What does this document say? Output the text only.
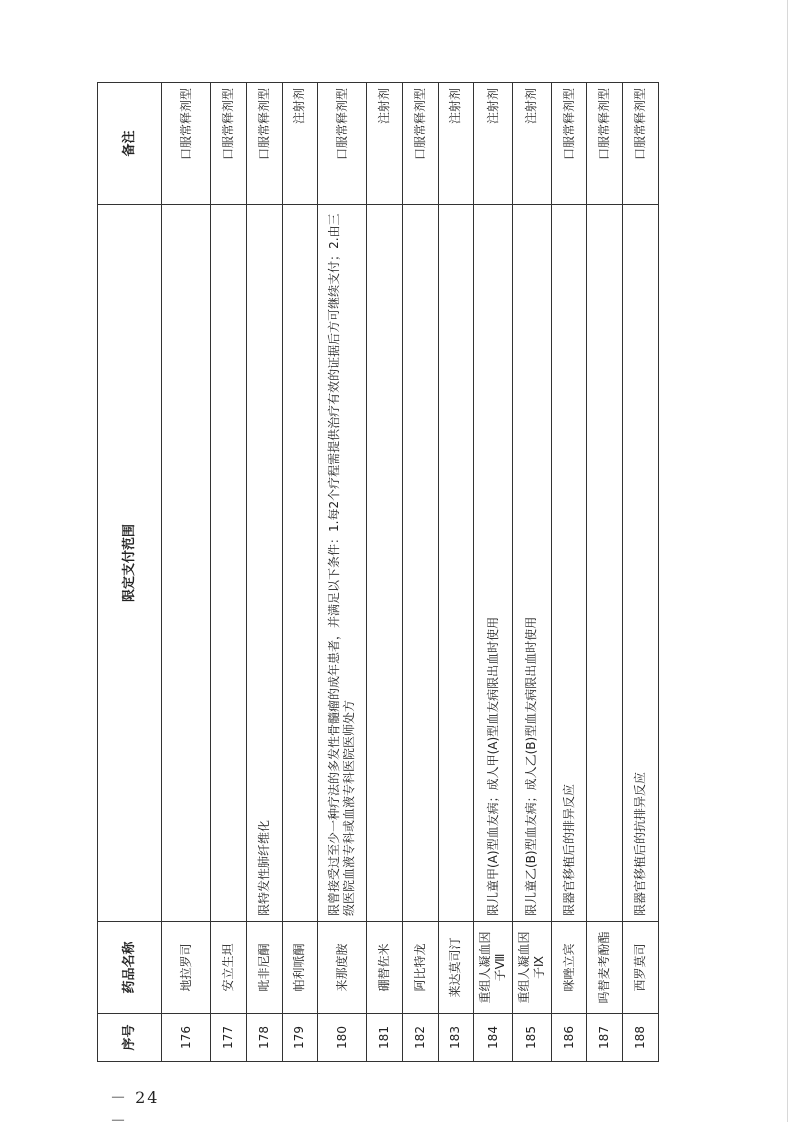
序号	药品名称	限定支付范围	备注
176	地拉罗司		口服常释剂型
177	安立生坦		口服常释剂型
178	吡非尼酮	限特发性肺纤维化	口服常释剂型
179	帕利哌酮		注射剂
180	来那度胺	限曾接受过至少一种疗法的多发性骨髓瘤的成年患者，并满足以下条件：1.每2个疗程需提供治疗有效的证据后方可继续支付；2.由三级医院血液专科或血液专科医院医师处方	口服常释剂型
181	硼替佐米		注射剂
182	阿比特龙		口服常释剂型
183	莱达莫司汀		注射剂
184	重组人凝血因子Ⅷ	限儿童甲(A)型血友病；成人甲(A)型血友病限出血时使用	注射剂
185	重组人凝血因子Ⅸ	限儿童乙(B)型血友病；成人乙(B)型血友病限出血时使用	注射剂
186	咪唑立宾	限器官移植后的排异反应	口服常释剂型
187	吗替麦考酚酯		口服常释剂型
188	西罗莫司	限器官移植后的抗排异反应	口服常释剂型
－ 24 －
